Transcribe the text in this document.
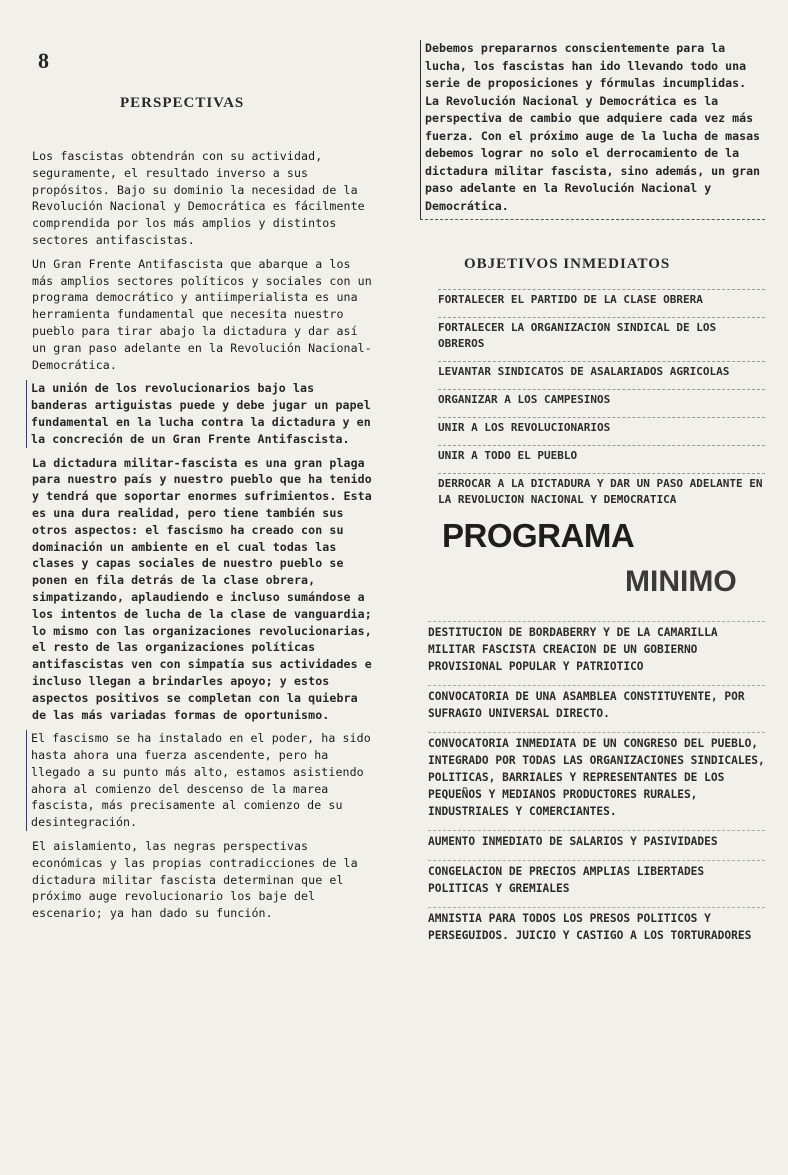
8
PERSPECTIVAS

Los fascistas obtendrán con su actividad, seguramente, el resultado inverso a sus propósitos. Bajo su dominio la necesidad de la Revolución Nacional y Democrática es fácilmente comprendida por los más amplios y distintos sectores antifascistas.

Un Gran Frente Antifascista que abarque a los más amplios sectores políticos y sociales con un programa democrático y antiimperialista es una herramienta fundamental que necesita nuestro pueblo para tirar abajo la dictadura y dar así un gran paso adelante en la Revolución Nacional-Democrática.

La unión de los revolucionarios bajo las banderas artiguistas puede y debe jugar un papel fundamental en la lucha contra la dictadura y en la concreción de un Gran Frente Antifascista.

La dictadura militar-fascista es una gran plaga para nuestro país y nuestro pueblo que ha tenido y tendrá que soportar enormes sufrimientos. Esta es una dura realidad, pero tiene también sus otros aspectos: el fascismo ha creado con su dominación un ambiente en el cual todas las clases y capas sociales de nuestro pueblo se ponen en fila detrás de la clase obrera, simpatizando, aplaudiendo e incluso sumándose a los intentos de lucha de la clase de vanguardia; lo mismo con las organizaciones revolucionarias, el resto de las organizaciones políticas antifascistas ven con simpatía sus actividades e incluso llegan a brindarles apoyo; y estos aspectos positivos se completan con la quiebra de las más variadas formas de oportunismo.

El fascismo se ha instalado en el poder, ha sido hasta ahora una fuerza ascendente, pero ha llegado a su punto más alto, estamos asistiendo ahora al comienzo del descenso de la marea fascista, más precisamente al comienzo de su desintegración.

El aislamiento, las negras perspectivas económicas y las propias contradicciones de la dictadura militar fascista determinan que el próximo auge revolucionario los baje del escenario; ya han dado su función.

Debemos prepararnos conscientemente para la lucha, los fascistas han ido llevando todo una serie de proposiciones y fórmulas incumplidas. La Revolución Nacional y Democrática es la perspectiva de cambio que adquiere cada vez más fuerza. Con el próximo auge de la lucha de masas debemos lograr no solo el derrocamiento de la dictadura militar fascista, sino además, un gran paso adelante en la Revolución Nacional y Democrática.

OBJETIVOS INMEDIATOS
FORTALECER EL PARTIDO DE LA CLASE OBRERA
FORTALECER LA ORGANIZACION SINDICAL DE LOS OBREROS
LEVANTAR SINDICATOS DE ASALARIADOS AGRICOLAS
ORGANIZAR A LOS CAMPESINOS
UNIR A LOS REVOLUCIONARIOS
UNIR A TODO EL PUEBLO
DERROCAR A LA DICTADURA Y DAR UN PASO ADELANTE EN LA REVOLUCION NACIONAL Y DEMOCRATICA
PROGRAMA
MINIMO
DESTITUCION DE BORDABERRY Y DE LA CAMARILLA MILITAR FASCISTA CREACION DE UN GOBIERNO PROVISIONAL POPULAR Y PATRIOTICO
CONVOCATORIA DE UNA ASAMBLEA CONSTITUYENTE, POR SUFRAGIO UNIVERSAL DIRECTO.
CONVOCATORIA INMEDIATA DE UN CONGRESO DEL PUEBLO, INTEGRADO POR TODAS LAS ORGANIZACIONES SINDICALES, POLITICAS, BARRIALES Y REPRESENTANTES DE LOS PEQUEÑOS Y MEDIANOS PRODUCTORES RURALES, INDUSTRIALES Y COMERCIANTES.
AUMENTO INMEDIATO DE SALARIOS Y PASIVIDADES
CONGELACION DE PRECIOS AMPLIAS LIBERTADES POLITICAS Y GREMIALES
AMNISTIA PARA TODOS LOS PRESOS POLITICOS Y PERSEGUIDOS. JUICIO Y CASTIGO A LOS TORTURADORES
